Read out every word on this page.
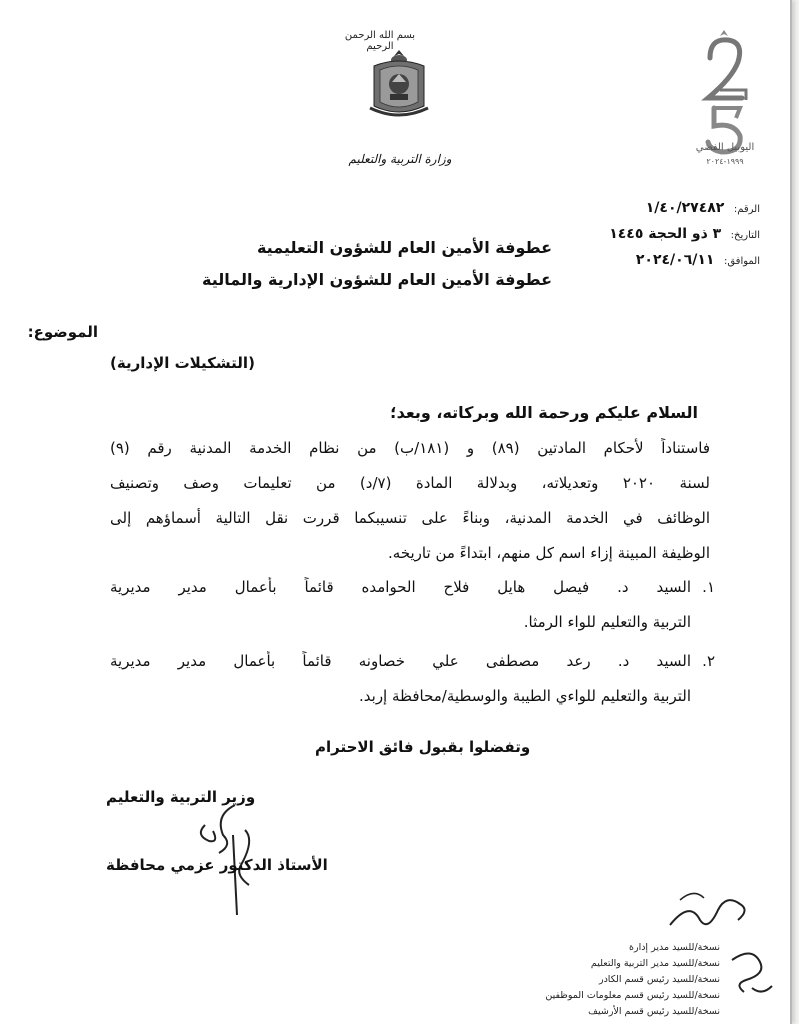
بسم الله الرحمن الرحيم
وزارة التربية والتعليم
اليوبيل الفضي
١٩٩٩-٢٠٢٤
الرقم: ١/٤٠/٢٧٤٨٢
التاريخ: ٣ ذو الحجة ١٤٤٥
الموافق: ٢٠٢٤/٠٦/١١
عطوفة الأمين العام للشؤون التعليمية
عطوفة الأمين العام للشؤون الإدارية والمالية
الموضوع:
(التشكيلات الإدارية)
السلام عليكم ورحمة الله وبركاته، وبعد؛
فاستناداً لأحكام المادتين (٨٩) و (١٨١/ب) من نظام الخدمة المدنية رقم (٩)
لسنة ٢٠٢٠ وتعديلاته، وبدلالة المادة (٧/د) من تعليمات وصف وتصنيف
الوظائف في الخدمة المدنية، وبناءً على تنسيبكما قررت نقل التالية أسماؤهم إلى
الوظيفة المبينة إزاء اسم كل منهم، ابتداءً من تاريخه.
١.
السيد د. فيصل هايل فلاح الحوامده قائماً بأعمال مدير مديرية
التربية والتعليم للواء الرمثا.
٢.
السيد د. رعد مصطفى علي خصاونه قائماً بأعمال مدير مديرية
التربية والتعليم للواءي الطيبة والوسطية/محافظة إربد.
وتفضلوا بقبول فائق الاحترام
وزير التربية والتعليم
الأستاذ الدكتور عزمي محافظة
نسخة/للسيد مدير إدارة
نسخة/للسيد مدير التربية والتعليم
نسخة/للسيد رئيس قسم الكادر
نسخة/للسيد رئيس قسم معلومات الموظفين
نسخة/للسيد رئيس قسم الأرشيف
